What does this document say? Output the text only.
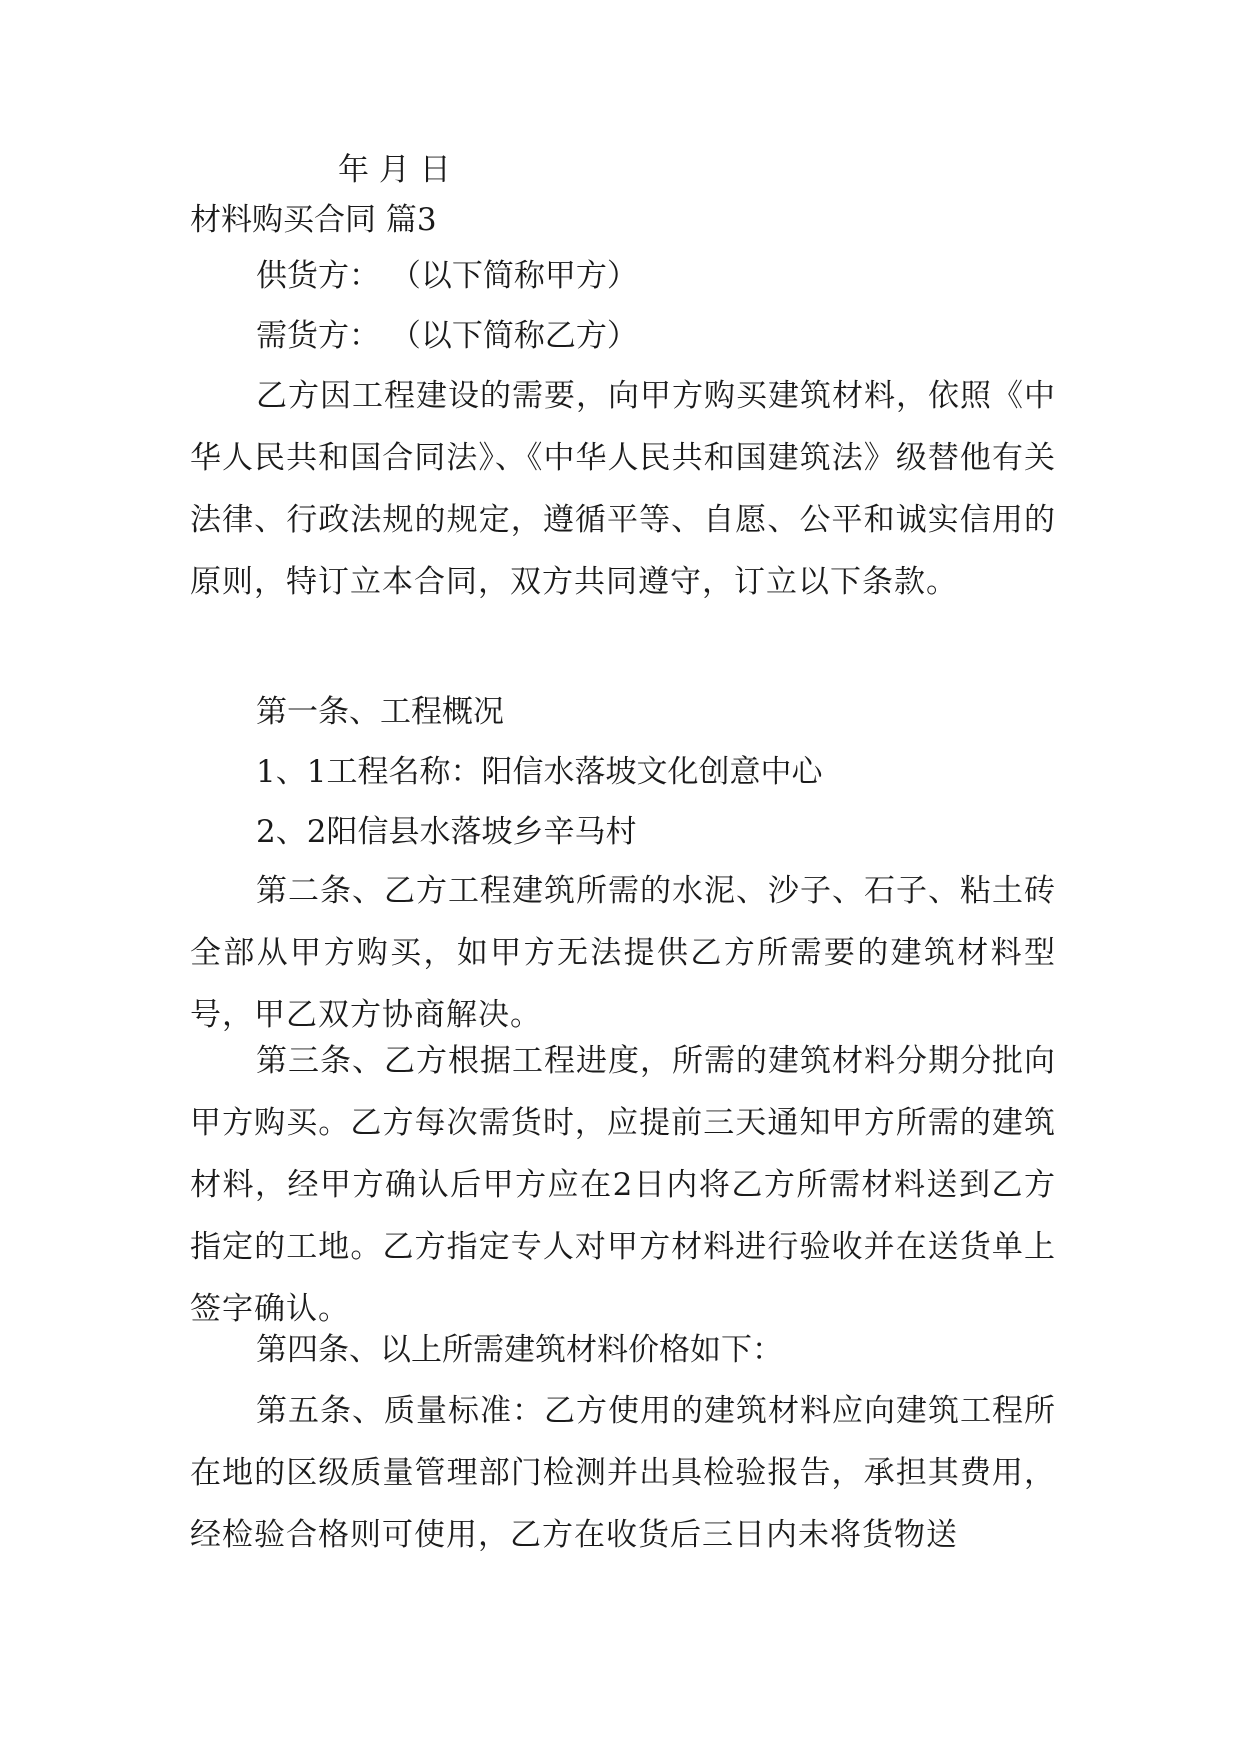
年 月 日
材料购买合同 篇3
供货方： （以下简称甲方）
需货方： （以下简称乙方）
乙方因工程建设的需要，向甲方购买建筑材料，依照《中华人民共和国合同法》、《中华人民共和国建筑法》级替他有关法律、行政法规的规定，遵循平等、自愿、公平和诚实信用的原则，特订立本合同，双方共同遵守，订立以下条款。
第一条、工程概况
1、1工程名称：阳信水落坡文化创意中心
2、2阳信县水落坡乡辛马村
第二条、乙方工程建筑所需的水泥、沙子、石子、粘土砖全部从甲方购买，如甲方无法提供乙方所需要的建筑材料型号，甲乙双方协商解决。
第三条、乙方根据工程进度，所需的建筑材料分期分批向甲方购买。乙方每次需货时，应提前三天通知甲方所需的建筑材料，经甲方确认后甲方应在2日内将乙方所需材料送到乙方指定的工地。乙方指定专人对甲方材料进行验收并在送货单上签字确认。
第四条、以上所需建筑材料价格如下：
第五条、质量标准：乙方使用的建筑材料应向建筑工程所在地的区级质量管理部门检测并出具检验报告，承担其费用，经检验合格则可使用，乙方在收货后三日内未将货物送
